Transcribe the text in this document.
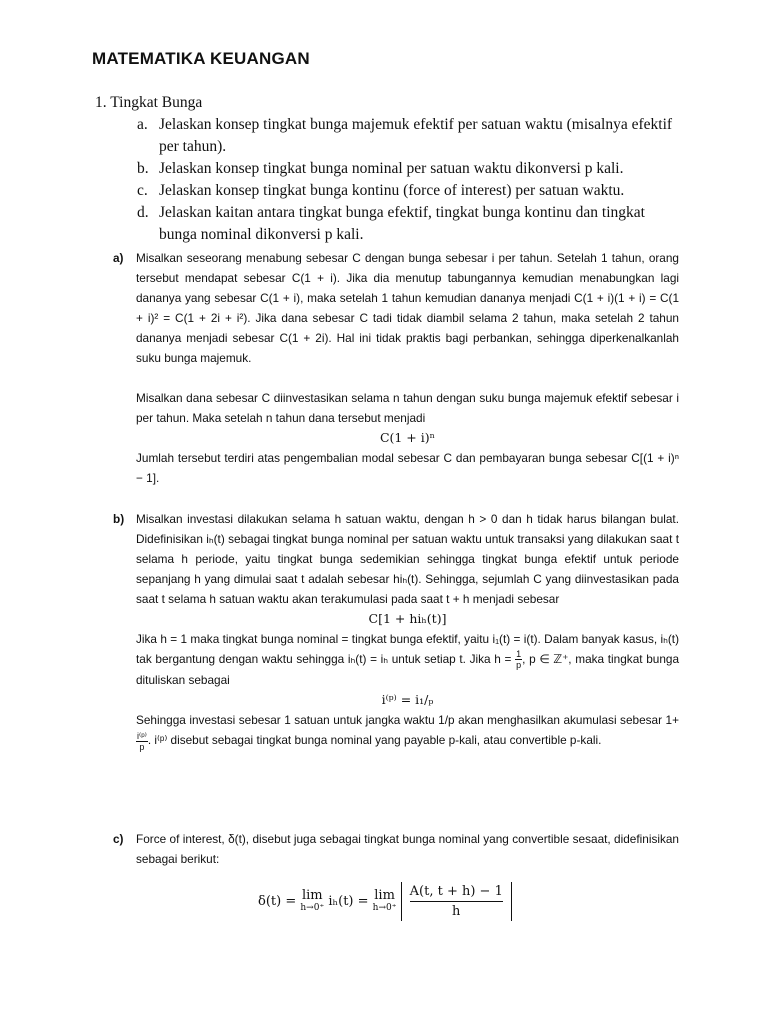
MATEMATIKA KEUANGAN

1. Tingkat Bunga

a. Jelaskan konsep tingkat bunga majemuk efektif per satuan waktu (misalnya efektif per tahun).

b. Jelaskan konsep tingkat bunga nominal per satuan waktu dikonversi p kali.

c. Jelaskan konsep tingkat bunga kontinu (force of interest) per satuan waktu.

d. Jelaskan kaitan antara tingkat bunga efektif, tingkat bunga kontinu dan tingkat bunga nominal dikonversi p kali.

a) Misalkan seseorang menabung sebesar C dengan bunga sebesar i per tahun. Setelah 1 tahun, orang tersebut mendapat sebesar C(1 + i). Jika dia menutup tabungannya kemudian menabungkan lagi dananya yang sebesar C(1 + i), maka setelah 1 tahun kemudian dananya menjadi C(1 + i)(1 + i) = C(1 + i)² = C(1 + 2i + i²). Jika dana sebesar C tadi tidak diambil selama 2 tahun, maka setelah 2 tahun dananya menjadi sebesar C(1 + 2i). Hal ini tidak praktis bagi perbankan, sehingga diperkenalkanlah suku bunga majemuk.

Misalkan dana sebesar C diinvestasikan selama n tahun dengan suku bunga majemuk efektif sebesar i per tahun. Maka setelah n tahun dana tersebut menjadi

C(1 + i)ⁿ

Jumlah tersebut terdiri atas pengembalian modal sebesar C dan pembayaran bunga sebesar C[(1 + i)ⁿ − 1].

b) Misalkan investasi dilakukan selama h satuan waktu, dengan h > 0 dan h tidak harus bilangan bulat. Didefinisikan iₕ(t) sebagai tingkat bunga nominal per satuan waktu untuk transaksi yang dilakukan saat t selama h periode, yaitu tingkat bunga sedemikian sehingga tingkat bunga efektif untuk periode sepanjang h yang dimulai saat t adalah sebesar hiₕ(t). Sehingga, sejumlah C yang diinvestasikan pada saat t selama h satuan waktu akan terakumulasi pada saat t + h menjadi sebesar

C[1 + hiₕ(t)]

Jika h = 1 maka tingkat bunga nominal = tingkat bunga efektif, yaitu i₁(t) = i(t). Dalam banyak kasus, iₕ(t) tak bergantung dengan waktu sehingga iₕ(t) = iₕ untuk setiap t. Jika $h = \frac{1}{p}$ , p ∈ ℤ⁺, maka tingkat bunga dituliskan sebagai

i⁽ᵖ⁾ = i₁/ₚ

Sehingga investasi sebesar 1 satuan untuk jangka waktu 1/p akan menghasilkan akumulasi sebesar 1+
$\frac{\text{i⁽ᵖ⁾}}{p}$ . i⁽ᵖ⁾ disebut sebagai tingkat bunga nominal yang payable p-kali, atau convertible p-kali.

c) Force of interest, δ(t), disebut juga sebagai tingkat bunga nominal yang convertible sesaat, didefinisikan sebagai berikut:

δ(t) = lim
h→0⁺ iₕ(t) = lim
h→0⁺
$\frac{A(t, t + h) - 1}{h}$
